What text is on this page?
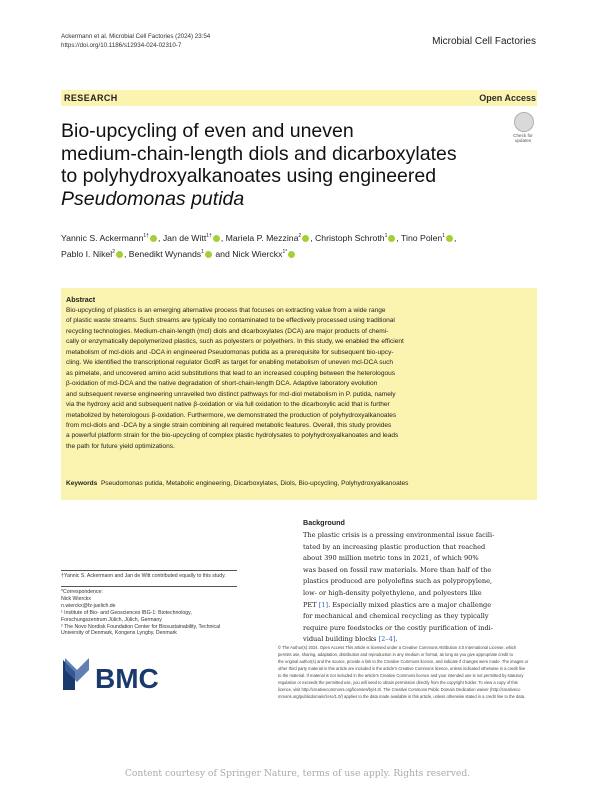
Ackermann et al. Microbial Cell Factories (2024) 23:54
https://doi.org/10.1186/s12934-024-02310-7	Microbial Cell Factories
RESEARCH	Open Access
Bio-upcycling of even and uneven
medium-chain-length diols and dicarboxylates
to polyhydroxyalkanoates using engineered
Pseudomonas putida
Check for
updates
Yannic S. Ackermann$^{1\dagger}$ , Jan de Witt$^{1\dagger}$ , Mariela P. Mezzina$^2$ , Christoph Schroth$^1$ , Tino Polen$^1$ ,
Pablo I. Nikel$^2$ , Benedikt Wynands$^1$ and Nick Wierckx$^{1*}$
Abstract
Bio-upcycling of plastics is an emerging alternative process that focuses on extracting value from a wide range
of plastic waste streams. Such streams are typically too contaminated to be effectively processed using traditional
recycling technologies. Medium-chain-length (mcl) diols and dicarboxylates (DCA) are major products of chemi-
cally or enzymatically depolymerized plastics, such as polyesters or polyethers. In this study, we enabled the efficient
metabolism of mcl-diols and -DCA in engineered Pseudomonas putida as a prerequisite for subsequent bio-upcy-
cling. We identified the transcriptional regulator GcdR as target for enabling metabolism of uneven mcl-DCA such
as pimelate, and uncovered amino acid substitutions that lead to an increased coupling between the heterologous
β-oxidation of mcl-DCA and the native degradation of short-chain-length DCA. Adaptive laboratory evolution
and subsequent reverse engineering unravelled two distinct pathways for mcl-diol metabolism in P. putida, namely
via the hydroxy acid and subsequent native β-oxidation or via full oxidation to the dicarboxylic acid that is further
metabolized by heterologous β-oxidation. Furthermore, we demonstrated the production of polyhydroxyalkanoates
from mcl-diols and -DCA by a single strain combining all required metabolic features. Overall, this study provides
a powerful platform strain for the bio-upcycling of complex plastic hydrolysates to polyhydroxyalkanoates and leads
the path for future yield optimizations.
Keywords Pseudomonas putida, Metabolic engineering, Dicarboxylates, Diols, Bio-upcycling, Polyhydroxyalkanoates
Background
The plastic crisis is a pressing environmental issue facili-
tated by an increasing plastic production that reached
about 390 million metric tons in 2021, of which 90%
was based on fossil raw materials. More than half of the
plastics produced are polyolefins such as polypropylene,
low- or high-density polyethylene, and polyesters like
PET [1]. Especially mixed plastics are a major challenge
for mechanical and chemical recycling as they typically
require pure feedstocks or the costly purification of indi-
vidual building blocks [2–4].
†Yannic S. Ackermann and Jan de Witt contributed equally to this study.
*Correspondence:
Nick Wierckx
n.wierckx@fz-juelich.de
¹ Institute of Bio- and Geosciences IBG-1: Biotechnology,
Forschungszentrum Jülich, Jülich, Germany
² The Novo Nordisk Foundation Center for Biosustainability, Technical
University of Denmark, Kongens Lyngby, Denmark
BMC
© The Author(s) 2024. Open Access This article is licensed under a Creative Commons Attribution 4.0 International License, which
permits use, sharing, adaptation, distribution and reproduction in any medium or format, as long as you give appropriate credit to
the original author(s) and the source, provide a link to the Creative Commons licence, and indicate if changes were made. The images or
other third party material in this article are included in the article's Creative Commons licence, unless indicated otherwise in a credit line
to the material. If material is not included in the article's Creative Commons licence and your intended use is not permitted by statutory
regulation or exceeds the permitted use, you will need to obtain permission directly from the copyright holder. To view a copy of this
licence, visit http://creativecommons.org/licenses/by/4.0/. The Creative Commons Public Domain Dedication waiver (http://creativeco
mmons.org/publicdomain/zero/1.0/) applies to the data made available in this article, unless otherwise stated in a credit line to the data.
Content courtesy of Springer Nature, terms of use apply. Rights reserved.
